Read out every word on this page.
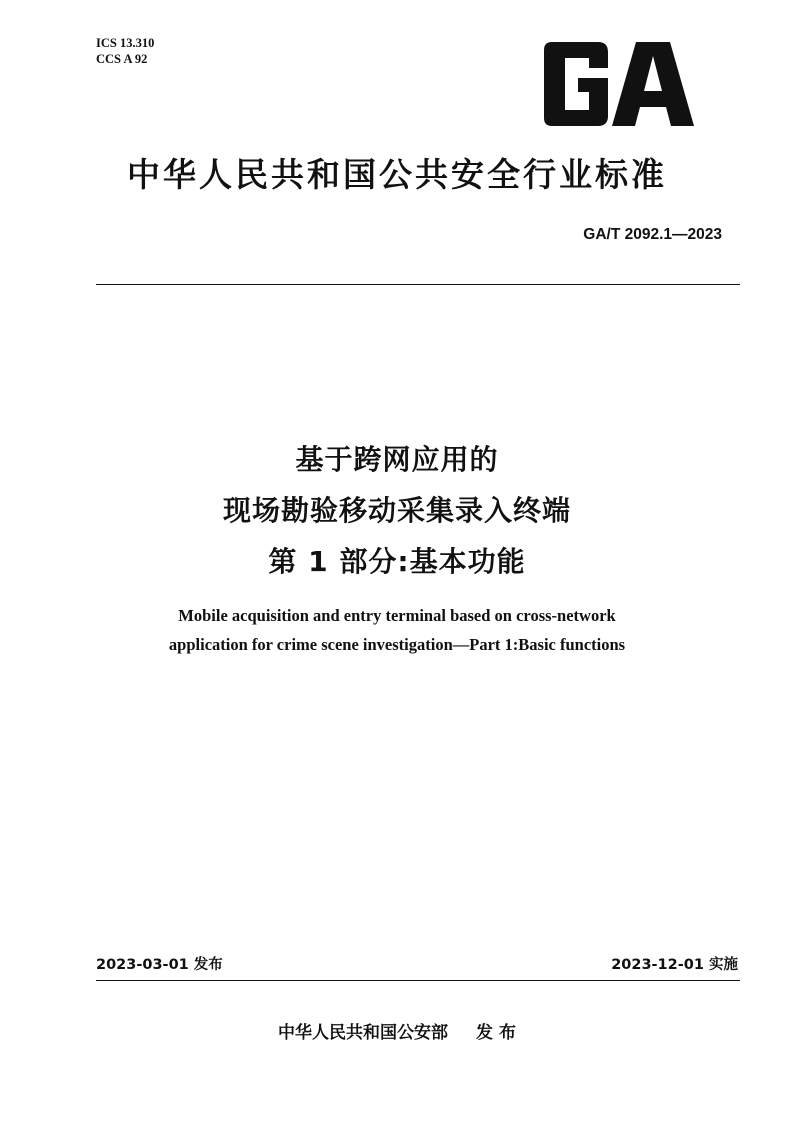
ICS 13.310
CCS A 92
中华人民共和国公共安全行业标准
GA/T 2092.1—2023
基于跨网应用的
现场勘验移动采集录入终端
第 1 部分:基本功能
Mobile acquisition and entry terminal based on cross-network
application for crime scene investigation—Part 1:Basic functions
2023-03-01 发布	2023-12-01 实施
中华人民共和国公安部 发 布
